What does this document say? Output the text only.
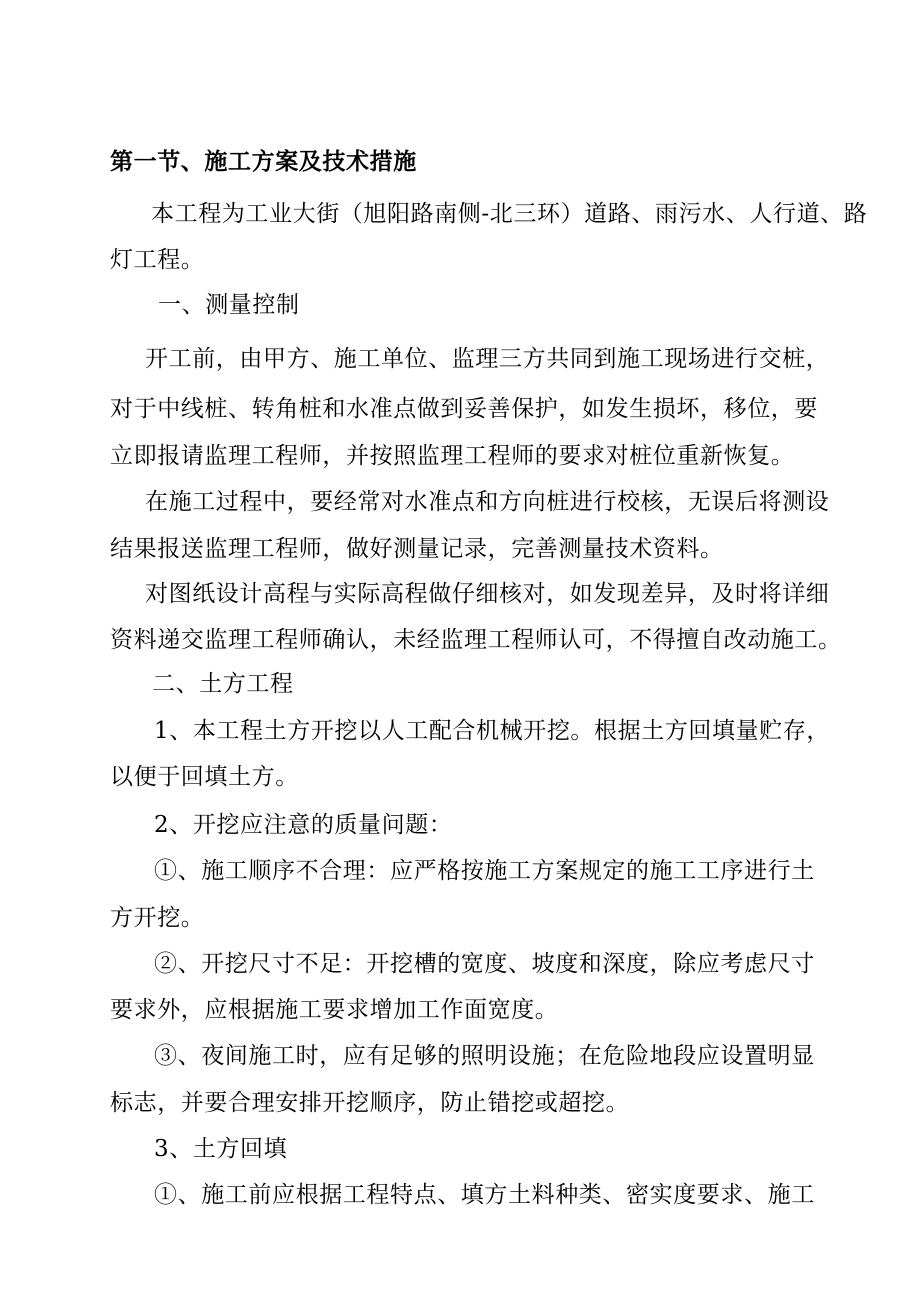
第一节、施工方案及技术措施
本工程为工业大街（旭阳路南侧-北三环）道路、雨污水、人行道、路
灯工程。
一、测量控制
开工前，由甲方、施工单位、监理三方共同到施工现场进行交桩，
对于中线桩、转角桩和水准点做到妥善保护，如发生损坏，移位，要
立即报请监理工程师，并按照监理工程师的要求对桩位重新恢复。
在施工过程中，要经常对水准点和方向桩进行校核，无误后将测设
结果报送监理工程师，做好测量记录，完善测量技术资料。
对图纸设计高程与实际高程做仔细核对，如发现差异，及时将详细
资料递交监理工程师确认，未经监理工程师认可，不得擅自改动施工。
二、土方工程
1、本工程土方开挖以人工配合机械开挖。根据土方回填量贮存，
以便于回填土方。
2、开挖应注意的质量问题：
①、施工顺序不合理：应严格按施工方案规定的施工工序进行土
方开挖。
②、开挖尺寸不足：开挖槽的宽度、坡度和深度，除应考虑尺寸
要求外，应根据施工要求增加工作面宽度。
③、夜间施工时，应有足够的照明设施；在危险地段应设置明显
标志，并要合理安排开挖顺序，防止错挖或超挖。
3、土方回填
①、施工前应根据工程特点、填方土料种类、密实度要求、施工
